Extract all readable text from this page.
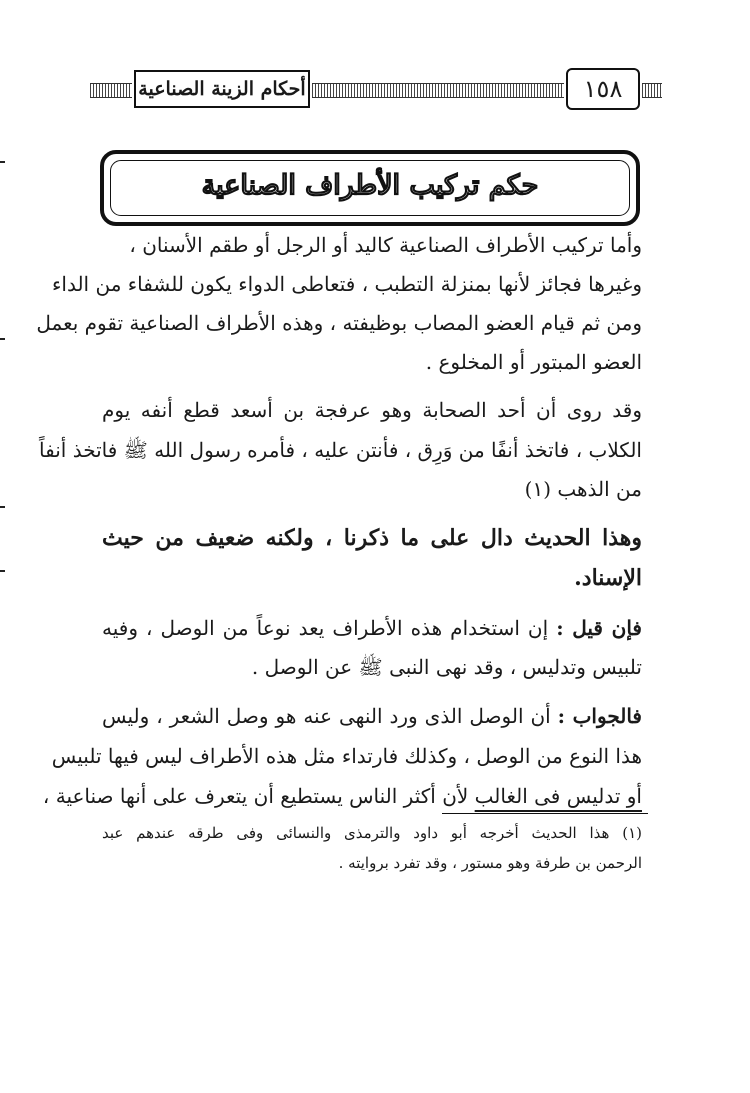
أحكام الزينة الصناعية	١٥٨
حكم تركيب الأطراف الصناعية
وأما تركيب الأطراف الصناعية كاليد أو الرجل أو طقم الأسنان ،
وغيرها فجائز لأنها بمنزلة التطبب ، فتعاطى الدواء يكون للشفاء من الداء
ومن ثم قيام العضو المصاب بوظيفته ، وهذه الأطراف الصناعية تقوم بعمل
العضو المبتور أو المخلوع .
وقد روى أن أحد الصحابة وهو عرفجة بن أسعد قطع أنفه يوم
الكلاب ، فاتخذ أنفًا من وَرِق ، فأنتن عليه ، فأمره رسول الله ﷺ فاتخذ أنفاً
من الذهب (١)
وهذا الحديث دال على ما ذكرنا ، ولكنه ضعيف من حيث
الإسناد.
فإن قيل : إن استخدام هذه الأطراف يعد نوعاً من الوصل ، وفيه
تلبيس وتدليس ، وقد نهى النبى ﷺ عن الوصل .
فالجواب : أن الوصل الذى ورد النهى عنه هو وصل الشعر ، وليس
هذا النوع من الوصل ، وكذلك فارتداء مثل هذه الأطراف ليس فيها تلبيس
أو تدليس فى الغالب لأن أكثر الناس يستطيع أن يتعرف على أنها صناعية ،
(١) هذا الحديث أخرجه أبو داود والترمذى والنسائى وفى طرقه عندهم عبد
الرحمن بن طرفة وهو مستور ، وقد تفرد بروايته .
